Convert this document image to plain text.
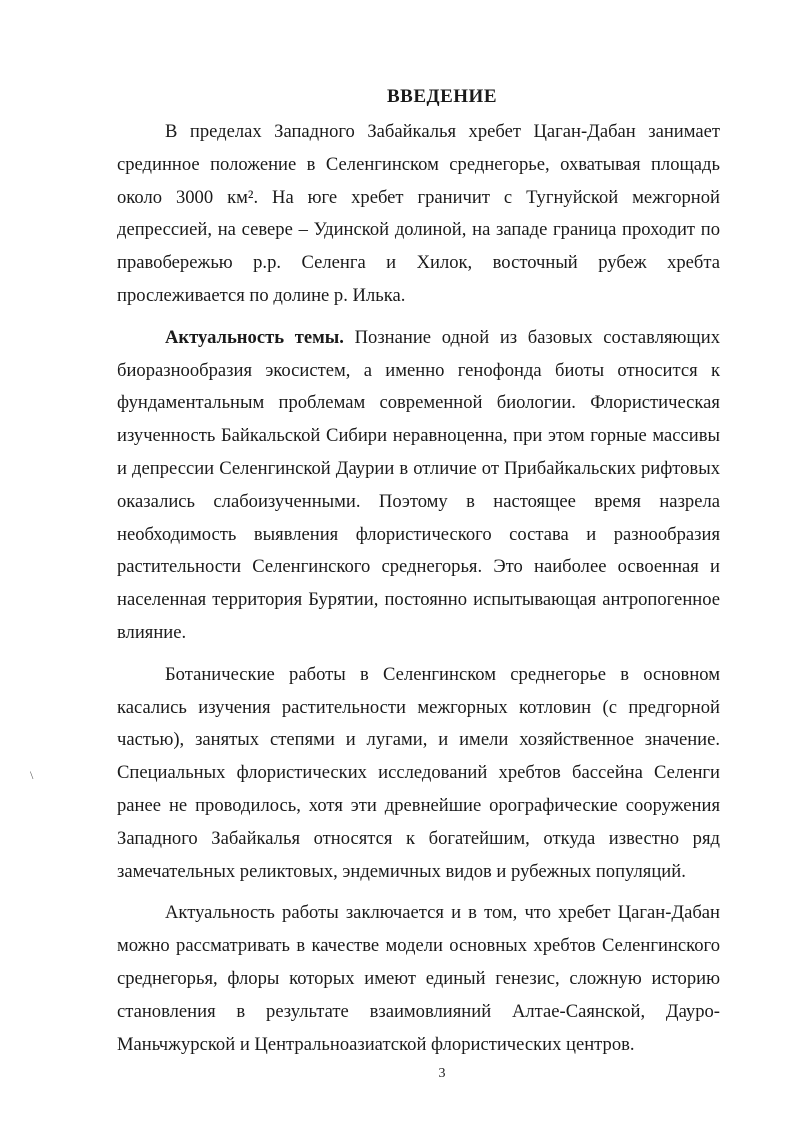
ВВЕДЕНИЕ

В пределах Западного Забайкалья хребет Цаган-Дабан занимает срединное положение в Селенгинском среднегорье, охватывая площадь около 3000 км². На юге хребет граничит с Тугнуйской межгорной депрессией, на севере – Удинской долиной, на западе граница проходит по правобережью р.р. Селенга и Хилок, восточный рубеж хребта прослеживается по долине р. Илька.

Актуальность темы. Познание одной из базовых составляющих биоразнообразия экосистем, а именно генофонда биоты относится к фундаментальным проблемам современной биологии. Флористическая изученность Байкальской Сибири неравноценна, при этом горные массивы и депрессии Селенгинской Даурии в отличие от Прибайкальских рифтовых оказались слабоизученными. Поэтому в настоящее время назрела необходимость выявления флористического состава и разнообразия растительности Селенгинского среднегорья. Это наиболее освоенная и населенная территория Бурятии, постоянно испытывающая антропогенное влияние.

Ботанические работы в Селенгинском среднегорье в основном касались изучения растительности межгорных котловин (с предгорной частью), занятых степями и лугами, и имели хозяйственное значение. Специальных флористических исследований хребтов бассейна Селенги ранее не проводилось, хотя эти древнейшие орографические сооружения Западного Забайкалья относятся к богатейшим, откуда известно ряд замечательных реликтовых, эндемичных видов и рубежных популяций.

Актуальность работы заключается и в том, что хребет Цаган-Дабан можно рассматривать в качестве модели основных хребтов Селенгинского среднегорья, флоры которых имеют единый генезис, сложную историю становления в результате взаимовлияний Алтае-Саянской, Дауро-Маньчжурской и Центральноазиатской флористических центров.

\
3
